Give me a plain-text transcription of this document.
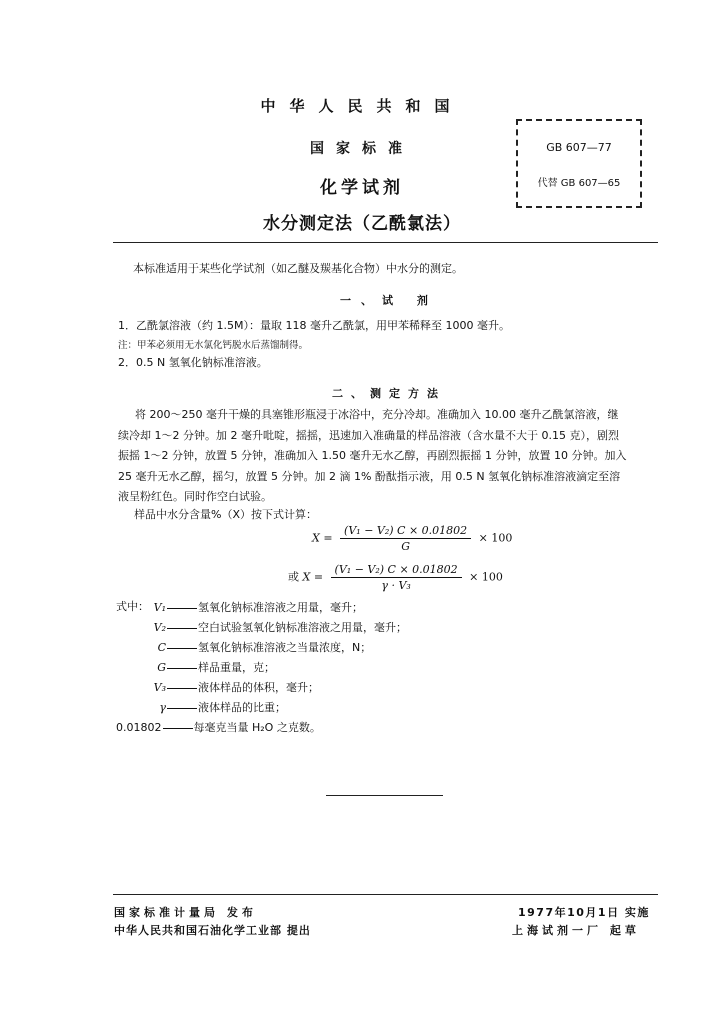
中华人民共和国
国家标准
化学试剂
水分测定法（乙酰氯法）
GB 607—77
代替 GB 607—65
本标准适用于某些化学试剂（如乙醚及羰基化合物）中水分的测定。
一、试 剂
1．乙酰氯溶液（约 1.5M）：量取 118 毫升乙酰氯，用甲苯稀释至 1000 毫升。
注：甲苯必须用无水氯化钙脱水后蒸馏制得。
2．0.5 N 氢氧化钠标准溶液。
二、测定方法
将 200～250 毫升干燥的具塞锥形瓶浸于冰浴中，充分冷却。准确加入 10.00 毫升乙酰氯溶液，继
续冷却 1～2 分钟。加 2 毫升吡啶，摇摇，迅速加入准确量的样品溶液（含水量不大于 0.15 克），剧烈
振摇 1～2 分钟，放置 5 分钟，准确加入 1.50 毫升无水乙醇，再剧烈振摇 1 分钟，放置 10 分钟。加入
25 毫升无水乙醇，摇匀，放置 5 分钟。加 2 滴 1% 酚酞指示液，用 0.5 N 氢氧化钠标准溶液滴定至溶
液呈粉红色。同时作空白试验。
样品中水分含量%（X）按下式计算：
$X = \frac{\text{(V₁ − V₂) C × 0.01802}}{G} \times 100$
或 $X = \frac{\text{(V₁ − V₂) C × 0.01802}}{\text{γ · V₃}} \times 100$
式中： V₁	氢氧化钠标准溶液之用量，毫升；
V₂	空白试验氢氧化钠标准溶液之用量，毫升；
C	氢氧化钠标准溶液之当量浓度，N；
G	样品重量，克；
V₃	液体样品的体积，毫升；
γ	液体样品的比重；
0.01802	每毫克当量 H₂O 之克数。
国家标准计量局 发布
中华人民共和国石油化学工业部 提出
1977年10月1日 实施
上海试剂一厂 起草
